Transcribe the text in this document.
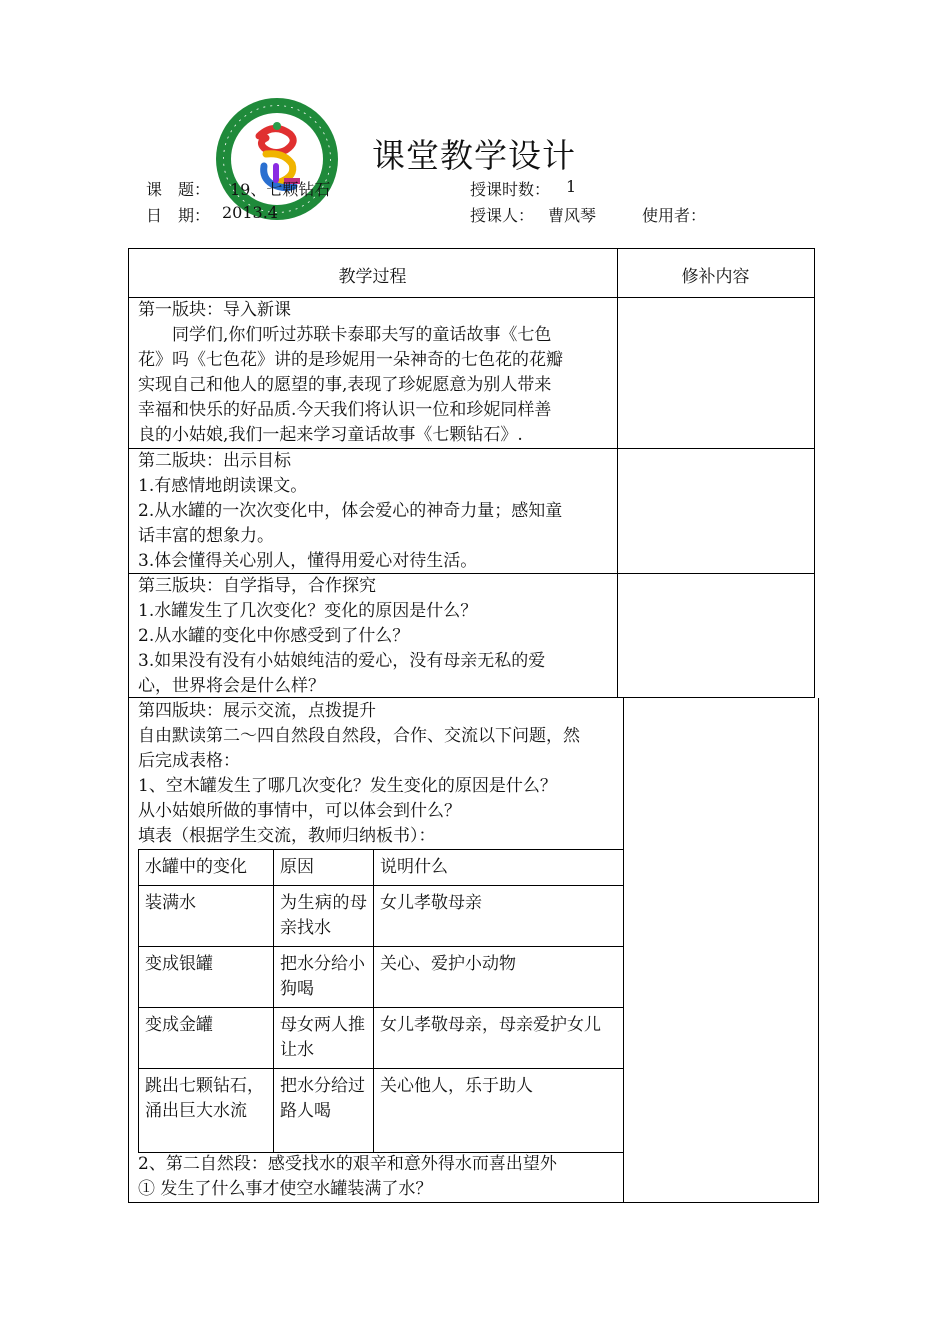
课堂教学设计
课　题： 19、七颗钻石	授课时数： 1
日　期： 2013.4	授课人： 曹风琴	使用者：
教学过程	修补内容
第一版块：导入新课
　　同学们,你们听过苏联卡泰耶夫写的童话故事《七色
花》吗《七色花》讲的是珍妮用一朵神奇的七色花的花瓣
实现自己和他人的愿望的事,表现了珍妮愿意为别人带来
幸福和快乐的好品质.今天我们将认识一位和珍妮同样善
良的小姑娘,我们一起来学习童话故事《七颗钻石》.
第二版块：出示目标
1.有感情地朗读课文。
2.从水罐的一次次变化中，体会爱心的神奇力量；感知童
话丰富的想象力。
3.体会懂得关心别人，懂得用爱心对待生活。
第三版块：自学指导，合作探究
1.水罐发生了几次变化？变化的原因是什么？
2.从水罐的变化中你感受到了什么？
3.如果没有没有小姑娘纯洁的爱心，没有母亲无私的爱
心，世界将会是什么样？
第四版块：展示交流，点拨提升
自由默读第二～四自然段自然段，合作、交流以下问题，然
后完成表格：
1、空木罐发生了哪几次变化？发生变化的原因是什么？
从小姑娘所做的事情中，可以体会到什么？
填表（根据学生交流，教师归纳板书）：
水罐中的变化	原因	说明什么
装满水	为生病的母亲找水	女儿孝敬母亲
变成银罐	把水分给小狗喝	关心、爱护小动物
变成金罐	母女两人推让水	女儿孝敬母亲，母亲爱护女儿
跳出七颗钻石，涌出巨大水流	把水分给过路人喝	关心他人，乐于助人
2、第二自然段：感受找水的艰辛和意外得水而喜出望外
① 发生了什么事才使空水罐装满了水？
